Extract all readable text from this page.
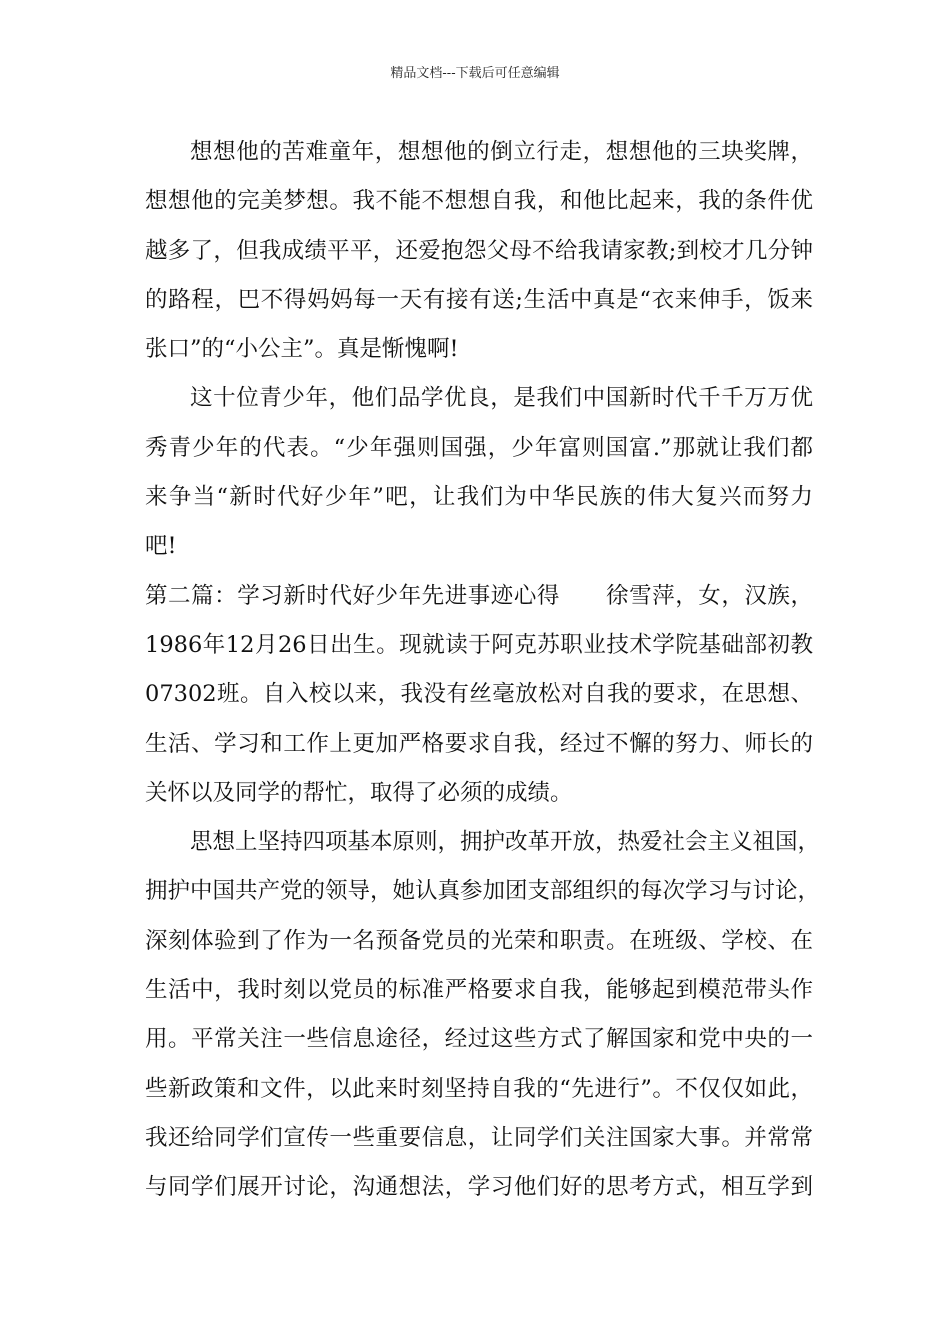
精品文档---下载后可任意编辑
想想他的苦难童年，想想他的倒立行走，想想他的三块奖牌，
想想他的完美梦想。我不能不想想自我，和他比起来，我的条件优
越多了，但我成绩平平，还爱抱怨父母不给我请家教;到校才几分钟
的路程，巴不得妈妈每一天有接有送;生活中真是“衣来伸手，饭来
张口”的“小公主”。真是惭愧啊!
这十位青少年，他们品学优良，是我们中国新时代千千万万优
秀青少年的代表。“少年强则国强，少年富则国富.”那就让我们都
来争当“新时代好少年”吧，让我们为中华民族的伟大复兴而努力
吧!
第二篇：学习新时代好少年先进事迹心得　　徐雪萍，女，汉族，
1986年12月26日出生。现就读于阿克苏职业技术学院基础部初教
07302班。自入校以来，我没有丝毫放松对自我的要求，在思想、
生活、学习和工作上更加严格要求自我，经过不懈的努力、师长的
关怀以及同学的帮忙，取得了必须的成绩。
思想上坚持四项基本原则，拥护改革开放，热爱社会主义祖国，
拥护中国共产党的领导，她认真参加团支部组织的每次学习与讨论，
深刻体验到了作为一名预备党员的光荣和职责。在班级、学校、在
生活中，我时刻以党员的标准严格要求自我，能够起到模范带头作
用。平常关注一些信息途径，经过这些方式了解国家和党中央的一
些新政策和文件，以此来时刻坚持自我的“先进行”。不仅仅如此，
我还给同学们宣传一些重要信息，让同学们关注国家大事。并常常
与同学们展开讨论，沟通想法，学习他们好的思考方式，相互学到
